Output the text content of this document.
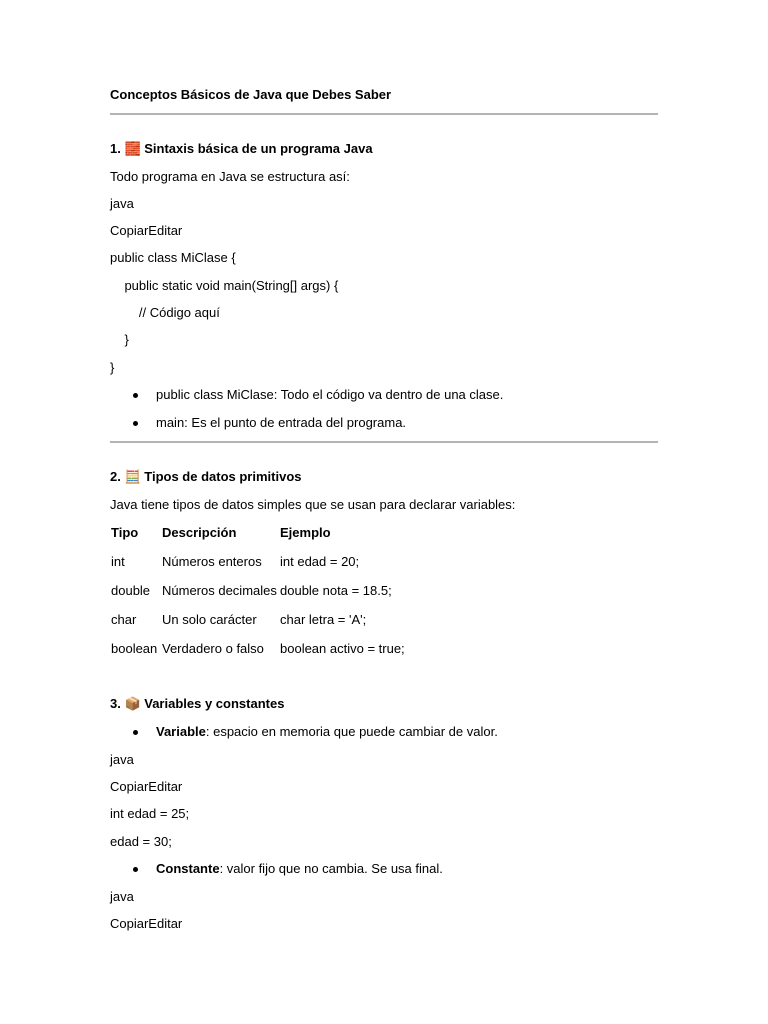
Conceptos Básicos de Java que Debes Saber
1. 🧱 Sintaxis básica de un programa Java
Todo programa en Java se estructura así:
java
CopiarEditar
public class MiClase {
public static void main(String[] args) {
// Código aquí
}
}
public class MiClase: Todo el código va dentro de una clase.
main: Es el punto de entrada del programa.
2. 🧮 Tipos de datos primitivos
Java tiene tipos de datos simples que se usan para declarar variables:
Tipo Descripción	Ejemplo
int	Números enteros int edad = 20;
double Números decimales double nota = 18.5;
char Un solo carácter char letra = 'A';
boolean Verdadero o falso boolean activo = true;
3. 📦 Variables y constantes
Variable: espacio en memoria que puede cambiar de valor.
java
CopiarEditar
int edad = 25;
edad = 30;
Constante: valor fijo que no cambia. Se usa final.
java
CopiarEditar
